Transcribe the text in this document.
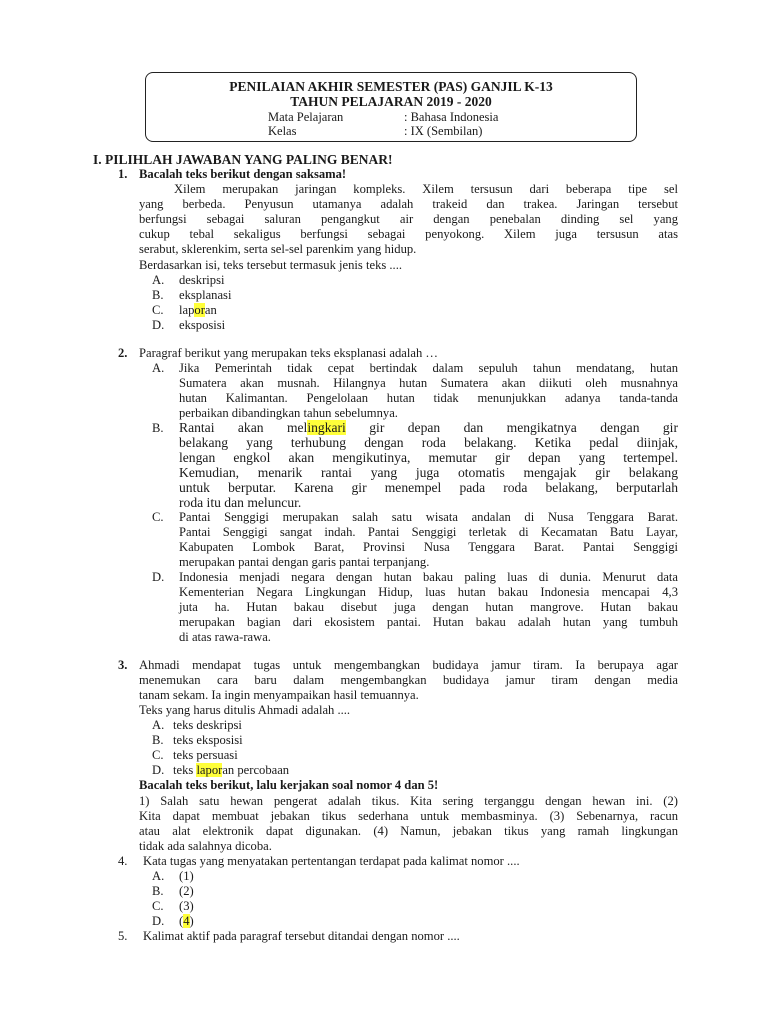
PENILAIAN AKHIR SEMESTER (PAS) GANJIL K-13
TAHUN PELAJARAN 2019 - 2020
Mata Pelajaran	: Bahasa Indonesia
Kelas	: IX (Sembilan)
I. PILIHLAH JAWABAN YANG PALING BENAR!
1. Bacalah teks berikut dengan saksama!
Xilem merupakan jaringan kompleks. Xilem tersusun dari beberapa tipe sel
yang berbeda. Penyusun utamanya adalah trakeid dan trakea. Jaringan tersebut
berfungsi sebagai saluran pengangkut air dengan penebalan dinding sel yang
cukup tebal sekaligus berfungsi sebagai penyokong. Xilem juga tersusun atas
serabut, sklerenkim, serta sel-sel parenkim yang hidup.
Berdasarkan isi, teks tersebut termasuk jenis teks ....
A. deskripsi
B. eksplanasi
C. laporan
D. eksposisi
2. Paragraf berikut yang merupakan teks eksplanasi adalah …
A. Jika Pemerintah tidak cepat bertindak dalam sepuluh tahun mendatang, hutan
Sumatera akan musnah. Hilangnya hutan Sumatera akan diikuti oleh musnahnya
hutan Kalimantan. Pengelolaan hutan tidak menunjukkan adanya tanda-tanda
perbaikan dibandingkan tahun sebelumnya.
B. Rantai akan melingkari gir depan dan mengikatnya dengan gir
belakang yang terhubung dengan roda belakang. Ketika pedal diinjak,
lengan engkol akan mengikutinya, memutar gir depan yang tertempel.
Kemudian, menarik rantai yang juga otomatis mengajak gir belakang
untuk berputar. Karena gir menempel pada roda belakang, berputarlah
roda itu dan meluncur.
C. Pantai Senggigi merupakan salah satu wisata andalan di Nusa Tenggara Barat.
Pantai Senggigi sangat indah. Pantai Senggigi terletak di Kecamatan Batu Layar,
Kabupaten Lombok Barat, Provinsi Nusa Tenggara Barat. Pantai Senggigi
merupakan pantai dengan garis pantai terpanjang.
D. Indonesia menjadi negara dengan hutan bakau paling luas di dunia. Menurut data
Kementerian Negara Lingkungan Hidup, luas hutan bakau Indonesia mencapai 4,3
juta ha. Hutan bakau disebut juga dengan hutan mangrove. Hutan bakau
merupakan bagian dari ekosistem pantai. Hutan bakau adalah hutan yang tumbuh
di atas rawa-rawa.
3. Ahmadi mendapat tugas untuk mengembangkan budidaya jamur tiram. Ia berupaya agar
menemukan cara baru dalam mengembangkan budidaya jamur tiram dengan media
tanam sekam. Ia ingin menyampaikan hasil temuannya.
Teks yang harus ditulis Ahmadi adalah ....
A. teks deskripsi
B. teks eksposisi
C. teks persuasi
D. teks laporan percobaan
Bacalah teks berikut, lalu kerjakan soal nomor 4 dan 5!
1) Salah satu hewan pengerat adalah tikus. Kita sering terganggu dengan hewan ini. (2)
Kita dapat membuat jebakan tikus sederhana untuk membasminya. (3) Sebenarnya, racun
atau alat elektronik dapat digunakan. (4) Namun, jebakan tikus yang ramah lingkungan
tidak ada salahnya dicoba.
4. Kata tugas yang menyatakan pertentangan terdapat pada kalimat nomor ....
A. (1)
B. (2)
C. (3)
D. (4)
5. Kalimat aktif pada paragraf tersebut ditandai dengan nomor ....
